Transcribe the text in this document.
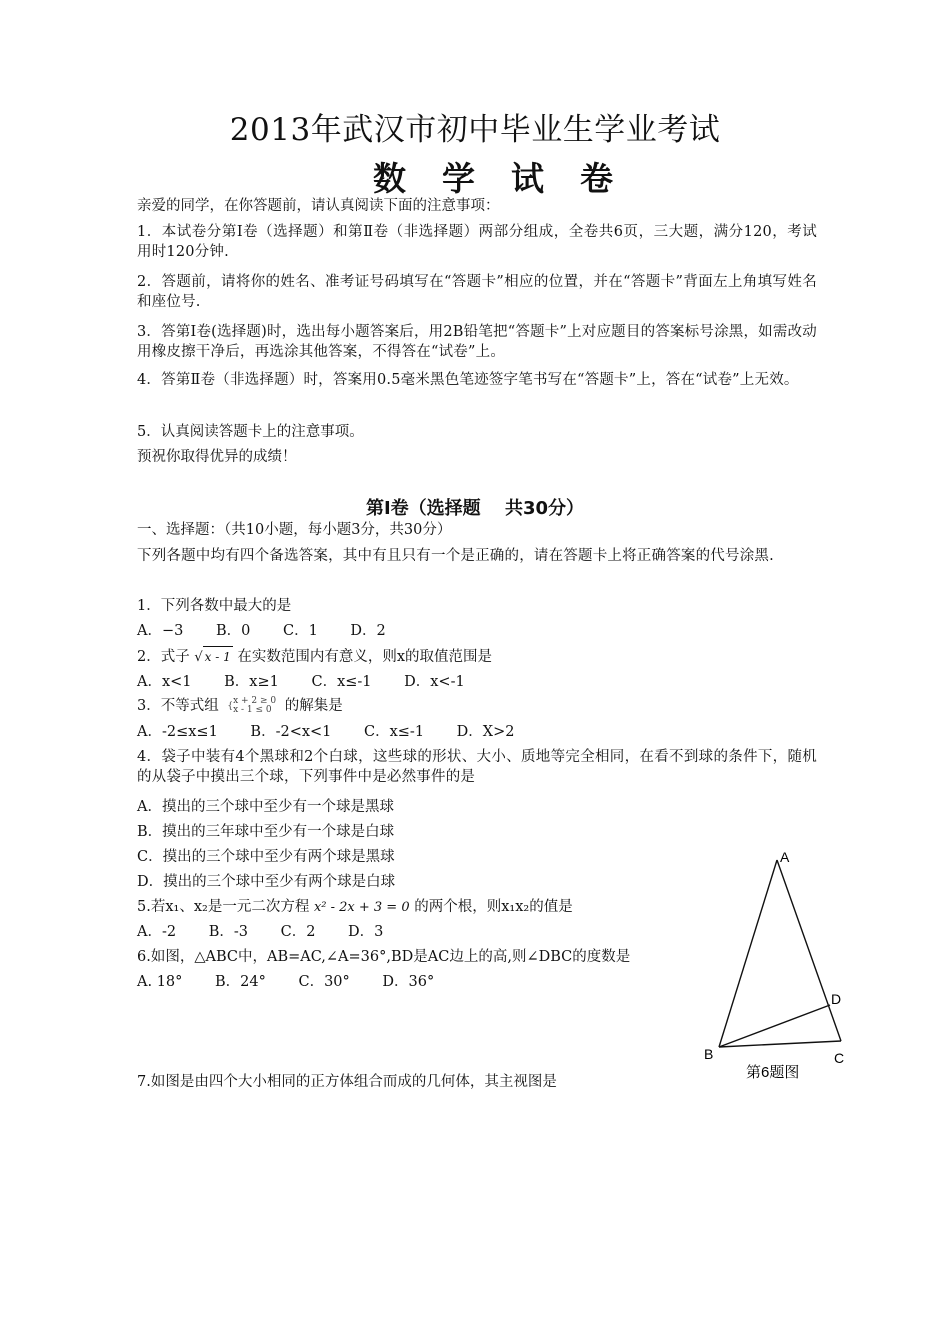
2013年武汉市初中毕业生学业考试
数学试卷
亲爱的同学，在你答题前，请认真阅读下面的注意事项：
1．本试卷分第Ⅰ卷（选择题）和第Ⅱ卷（非选择题）两部分组成，全卷共6页，三大题，满分120，考试用时120分钟.
2．答题前，请将你的姓名、准考证号码填写在“答题卡”相应的位置，并在“答题卡”背面左上角填写姓名和座位号.
3．答第Ⅰ卷(选择题)时，选出每小题答案后，用2B铅笔把“答题卡”上对应题目的答案标号涂黑，如需改动用橡皮擦干净后，再选涂其他答案，不得答在“试卷”上。
4．答第Ⅱ卷（非选择题）时，答案用0.5毫米黑色笔迹签字笔书写在“答题卡”上，答在“试卷”上无效。
5．认真阅读答题卡上的注意事项。
预祝你取得优异的成绩！
第Ⅰ卷（选择题　 共30分）
一、选择题：（共10小题，每小题3分，共30分）
下列各题中均有四个备选答案，其中有且只有一个是正确的，请在答题卡上将正确答案的代号涂黑.
1．下列各数中最大的是
A．−3 B．0 C．1 D．2
2．式子 √ x - 1 在实数范围内有意义，则x的取值范围是
A．x<1 B．x≥1 C．x≤-1 D．x<-1
3．不等式组 {
x + 2 ≥ 0
x - 1 ≤ 0 的解集是
A．-2≤x≤1 B．-2<x<1 C．x≤-1 D．X>2
4．袋子中装有4个黑球和2个白球，这些球的形状、大小、质地等完全相同，在看不到球的条件下，随机的从袋子中摸出三个球，下列事件中是必然事件的是
A．摸出的三个球中至少有一个球是黑球
B．摸出的三年球中至少有一个球是白球
C．摸出的三个球中至少有两个球是黑球
D．摸出的三个球中至少有两个球是白球
5.若x₁、x₂是一元二次方程 x² - 2x + 3 = 0 的两个根，则x₁x₂的值是
A．-2 B．-3 C．2 D．3
6.如图，△ABC中，AB=AC,∠A=36°,BD是AC边上的高,则∠DBC的度数是
A. 18° B．24° C．30° D．36°
7.如图是由四个大小相同的正方体组合而成的几何体，其主视图是
A
B	C
D
第6题图
